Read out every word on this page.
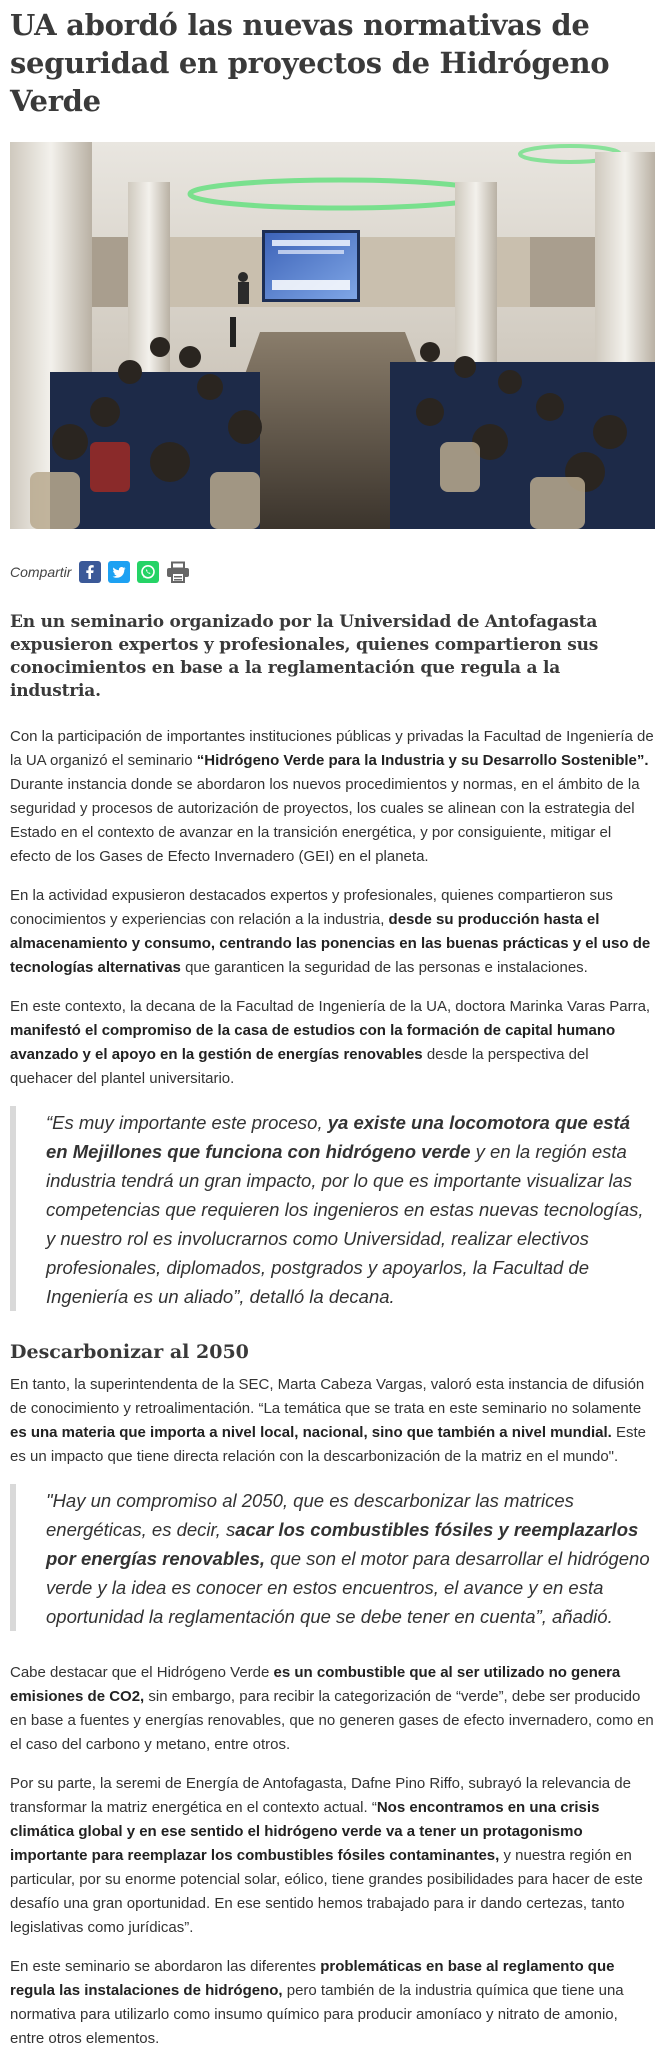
UA abordó las nuevas normativas de seguridad en proyectos de Hidrógeno Verde
Compartir
En un seminario organizado por la Universidad de Antofagasta expusieron expertos y profesionales, quienes compartieron sus conocimientos en base a la reglamentación que regula a la industria.

Con la participación de importantes instituciones públicas y privadas la Facultad de Ingeniería de la UA organizó el seminario “Hidrógeno Verde para la Industria y su Desarrollo Sostenible”. Durante instancia donde se abordaron los nuevos procedimientos y normas, en el ámbito de la seguridad y procesos de autorización de proyectos, los cuales se alinean con la estrategia del Estado en el contexto de avanzar en la transición energética, y por consiguiente, mitigar el efecto de los Gases de Efecto Invernadero (GEI) en el planeta.

En la actividad expusieron destacados expertos y profesionales, quienes compartieron sus conocimientos y experiencias con relación a la industria, desde su producción hasta el almacenamiento y consumo, centrando las ponencias en las buenas prácticas y el uso de tecnologías alternativas que garanticen la seguridad de las personas e instalaciones.

En este contexto, la decana de la Facultad de Ingeniería de la UA, doctora Marinka Varas Parra, manifestó el compromiso de la casa de estudios con la formación de capital humano avanzado y el apoyo en la gestión de energías renovables desde la perspectiva del quehacer del plantel universitario.

“Es muy importante este proceso, ya existe una locomotora que está en Mejillones que funciona con hidrógeno verde y en la región esta industria tendrá un gran impacto, por lo que es importante visualizar las competencias que requieren los ingenieros en estas nuevas tecnologías, y nuestro rol es involucrarnos como Universidad, realizar electivos profesionales, diplomados, postgrados y apoyarlos, la Facultad de Ingeniería es un aliado”, detalló la decana.
Descarbonizar al 2050

En tanto, la superintendenta de la SEC, Marta Cabeza Vargas, valoró esta instancia de difusión de conocimiento y retroalimentación. “La temática que se trata en este seminario no solamente es una materia que importa a nivel local, nacional, sino que también a nivel mundial. Este es un impacto que tiene directa relación con la descarbonización de la matriz en el mundo".

"Hay un compromiso al 2050, que es descarbonizar las matrices energéticas, es decir, sacar los combustibles fósiles y reemplazarlos por energías renovables, que son el motor para desarrollar el hidrógeno verde y la idea es conocer en estos encuentros, el avance y en esta oportunidad la reglamentación que se debe tener en cuenta”, añadió.

Cabe destacar que el Hidrógeno Verde es un combustible que al ser utilizado no genera emisiones de CO2, sin embargo, para recibir la categorización de “verde”, debe ser producido en base a fuentes y energías renovables, que no generen gases de efecto invernadero, como en el caso del carbono y metano, entre otros.

Por su parte, la seremi de Energía de Antofagasta, Dafne Pino Riffo, subrayó la relevancia de transformar la matriz energética en el contexto actual. “Nos encontramos en una crisis climática global y en ese sentido el hidrógeno verde va a tener un protagonismo importante para reemplazar los combustibles fósiles contaminantes, y nuestra región en particular, por su enorme potencial solar, eólico, tiene grandes posibilidades para hacer de este desafío una gran oportunidad. En ese sentido hemos trabajado para ir dando certezas, tanto legislativas como jurídicas”.

En este seminario se abordaron las diferentes problemáticas en base al reglamento que regula las instalaciones de hidrógeno, pero también de la industria química que tiene una normativa para utilizarlo como insumo químico para producir amoníaco y nitrato de amonio, entre otros elementos.
